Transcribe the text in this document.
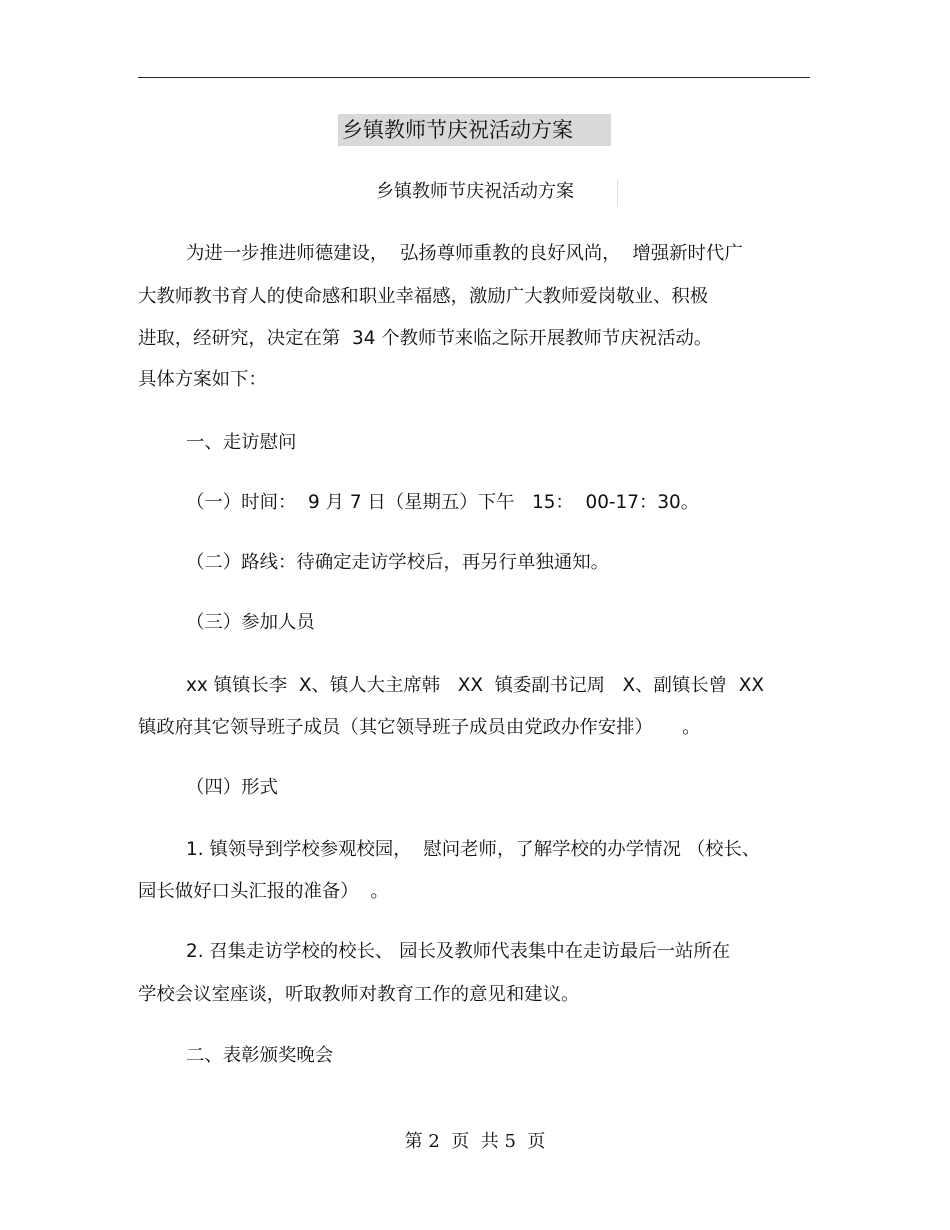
乡镇教师节庆祝活动方案
乡镇教师节庆祝活动方案
为进一步推进师德建设，  弘扬尊师重教的良好风尚，  增强新时代广
大教师教书育人的使命感和职业幸福感，激励广大教师爱岗敬业、积极
进取，经研究，决定在第  34 个教师节来临之际开展教师节庆祝活动。
具体方案如下：
一、走访慰问
（一）时间：  9 月 7 日（星期五）下午   15：  00-17：30。
（二）路线：待确定走访学校后，再另行单独通知。
（三）参加人员
xx 镇镇长李  X、镇人大主席韩   XX  镇委副书记周   X、副镇长曾  XX
镇政府其它领导班子成员（其它领导班子成员由党政办作安排）     。
（四）形式
1. 镇领导到学校参观校园，  慰问老师，了解学校的办学情况 （校长、
园长做好口头汇报的准备）  。
2. 召集走访学校的校长、 园长及教师代表集中在走访最后一站所在
学校会议室座谈，听取教师对教育工作的意见和建议。
二、表彰颁奖晚会
第 2  页  共 5  页
